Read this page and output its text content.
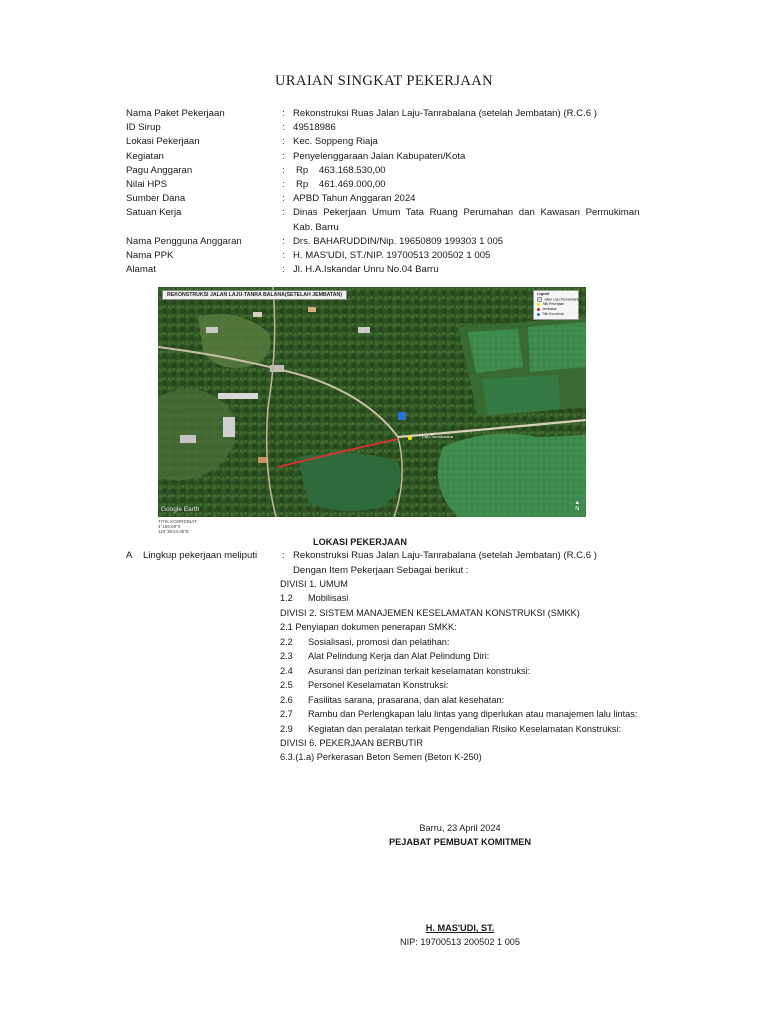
URAIAN SINGKAT PEKERJAAN
Nama Paket Pekerjaan	: Rekonstruksi Ruas Jalan Laju-Tanrabalana (setelah Jembatan) (R.C.6 )
ID Sirup	: 49518986
Lokasi Pekerjaan	: Kec. Soppeng Riaja
Kegiatan	: Penyelenggaraan Jalan Kabupaten/Kota
Pagu Anggaran	:	Rp    463.168.530,00
Nilai HPS	:	Rp    461.469.000,00
Sumber Dana	: APBD Tahun Anggaran 2024
Satuan Kerja	: Dinas Pekerjaan Umum Tata Ruang Perumahan dan Kawasan Permukiman
Kab. Barru
Nama Pengguna Anggaran	: Drs. BAHARUDDIN/Nip. 19650809 199303 1 005
Nama PPK	: H. MAS'UDI, ST./NIP. 19700513 200502 1 005
Alamat	: Jl. H.A.Iskandar Unru No.04 Barru
REKONSTRUKSI JALAN LAJU-TANRA BALANA(SETELAH JEMBATAN)	Legend
Jalan Laju-Tanrabalana
Titik Pekerjaan
Jembatan
Titik Koordinat
Laju-Tanrabalana
Google Earth
▲
N
TITIK KOORDINAT
4°159,89"S
119°39'24.09"E
LOKASI PEKERJAAN
A	Lingkup pekerjaan meliputi	: Rekonstruksi Ruas Jalan Laju-Tanrabalana (setelah Jembatan) (R.C.6 )
Dengan Item Pekerjaan Sebagai berikut :
DIVISI 1. UMUM
1.2	Mobilisasi
DIVISI 2. SISTEM MANAJEMEN KESELAMATAN KONSTRUKSI (SMKK)
2.1 Penyiapan dokumen penerapan SMKK:
2.2	Sosialisasi, promosi dan pelatihan:
2.3	Alat Pelindung Kerja dan Alat Pelindung Diri:
2.4	Asuransi dan perizinan terkait keselamatan konstruksi:
2.5	Personel Keselamatan Konstruksi:
2.6	Fasilitas sarana, prasarana, dan alat kesehatan:
2.7	Rambu dan Perlengkapan lalu lintas yang diperlukan atau manajemen lalu lintas:
2.9	Kegiatan dan peralatan terkait Pengendalian Risiko Keselamatan Konstruksi:
DIVISI 6. PEKERJAAN BERBUTIR
6.3.(1.a) Perkerasan Beton Semen (Beton K-250)
Barru, 23 April 2024
PEJABAT PEMBUAT KOMITMEN
H. MAS'UDI, ST.
NIP: 19700513 200502 1 005
